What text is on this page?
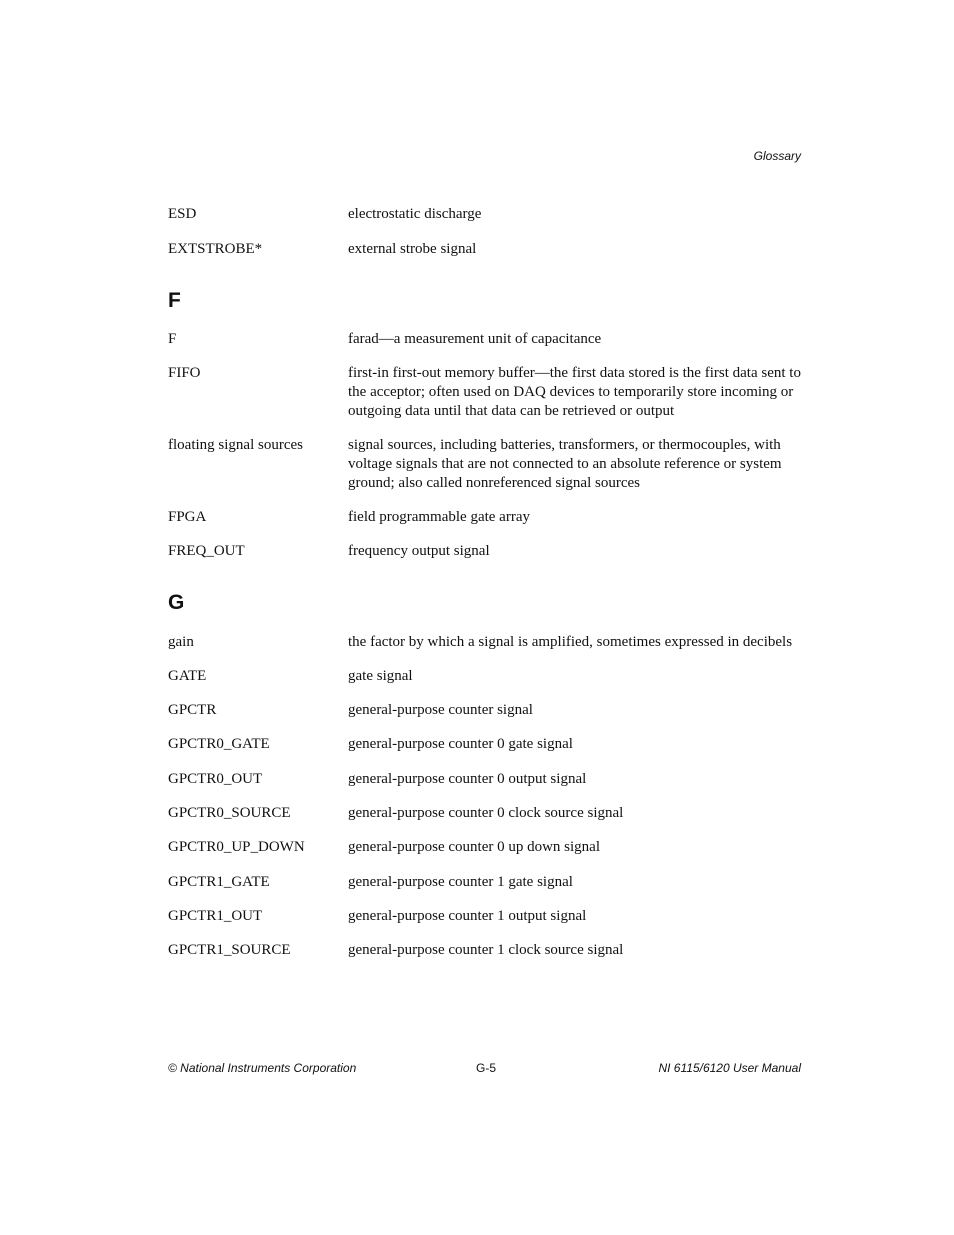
Glossary
ESD	electrostatic discharge
EXTSTROBE*	external strobe signal
F
F	farad—a measurement unit of capacitance
FIFO	first-in first-out memory buffer—the first data stored is the first data sent to the acceptor; often used on DAQ devices to temporarily store incoming or outgoing data until that data can be retrieved or output
floating signal sources	signal sources, including batteries, transformers, or thermocouples, with voltage signals that are not connected to an absolute reference or system ground; also called nonreferenced signal sources
FPGA	field programmable gate array
FREQ_OUT	frequency output signal
G
gain	the factor by which a signal is amplified, sometimes expressed in decibels
GATE	gate signal
GPCTR	general-purpose counter signal
GPCTR0_GATE	general-purpose counter 0 gate signal
GPCTR0_OUT	general-purpose counter 0 output signal
GPCTR0_SOURCE	general-purpose counter 0 clock source signal
GPCTR0_UP_DOWN	general-purpose counter 0 up down signal
GPCTR1_GATE	general-purpose counter 1 gate signal
GPCTR1_OUT	general-purpose counter 1 output signal
GPCTR1_SOURCE	general-purpose counter 1 clock source signal
© National Instruments Corporation	G-5	NI 6115/6120 User Manual
